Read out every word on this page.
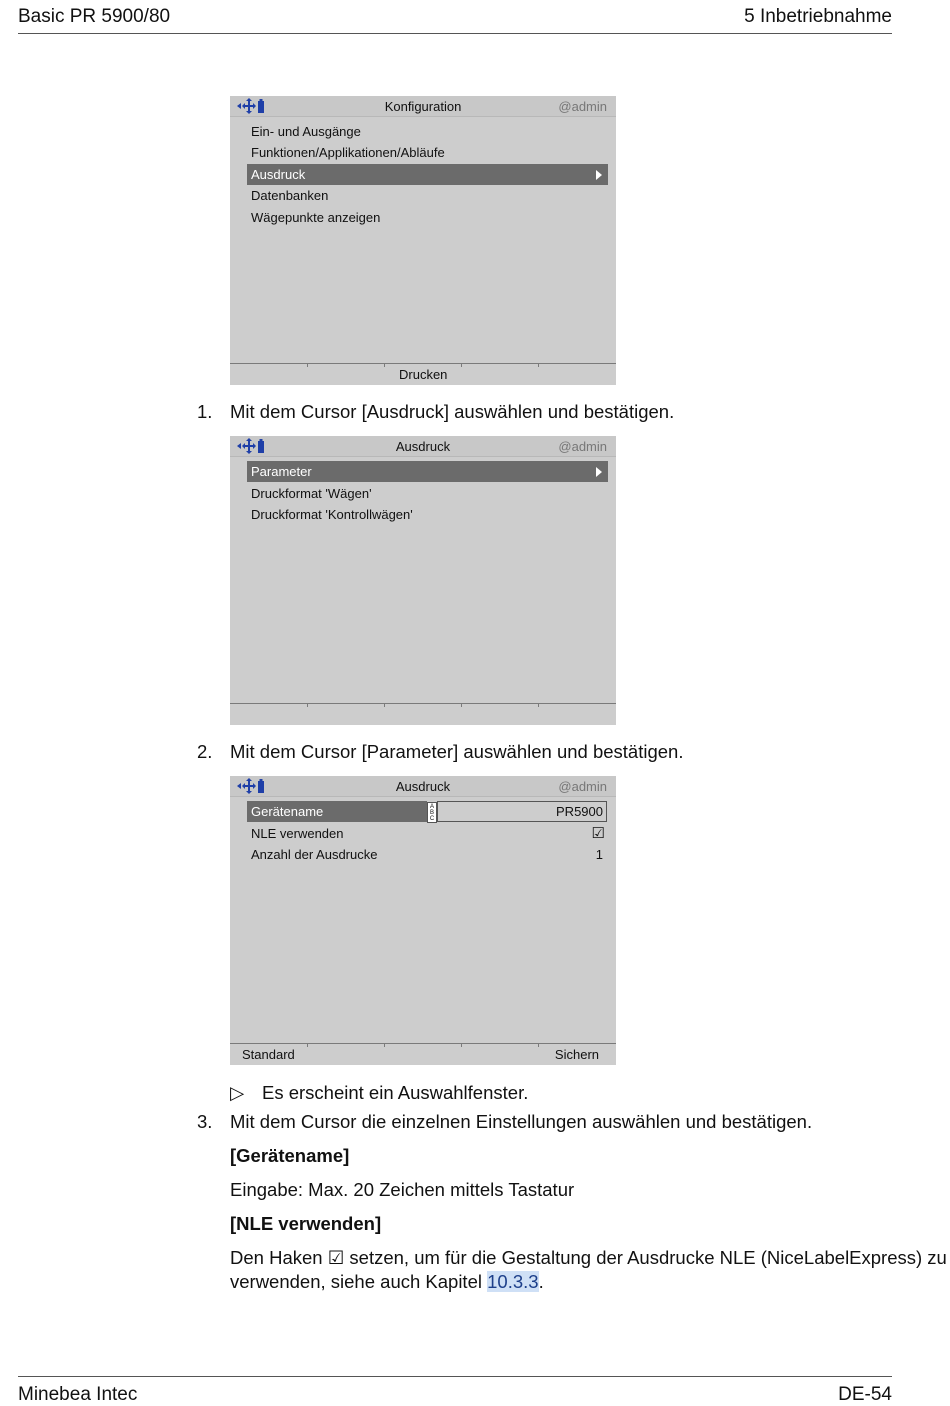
Basic PR 5900/80	5 Inbetriebnahme
Konfiguration	@admin
Ein- und Ausgänge
Funktionen/Applikationen/Abläufe
Ausdruck
Datenbanken
Wägepunkte anzeigen
Drucken
1. Mit dem Cursor [Ausdruck] auswählen und bestätigen.
Ausdruck	@admin
Parameter
Druckformat 'Wägen'
Druckformat 'Kontrollwägen'
2. Mit dem Cursor [Parameter] auswählen und bestätigen.
Ausdruck	@admin
Gerätename	ABC	PR5900
NLE verwenden	☑
Anzahl der Ausdrucke	1
Standard	Sichern
▷ Es erscheint ein Auswahlfenster.
3. Mit dem Cursor die einzelnen Einstellungen auswählen und bestätigen.
[Gerätename]
Eingabe: Max. 20 Zeichen mittels Tastatur
[NLE verwenden]
Den Haken ☑ setzen, um für die Gestaltung der Ausdrucke NLE (NiceLabelExpress) zu
verwenden, siehe auch Kapitel 10.3.3.
Minebea Intec	DE-54
